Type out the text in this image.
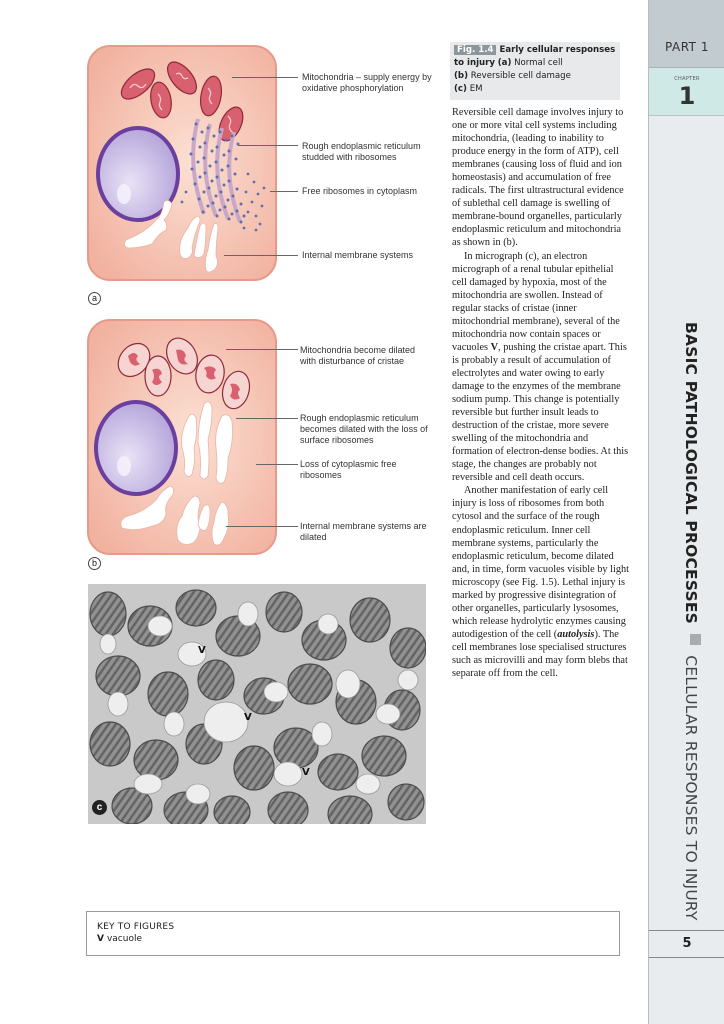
PART 1
CHAPTER
1
BASIC PATHOLOGICAL PROCESSES  CELLULAR RESPONSES TO INJURY
5
a
Mitochondria – supply energy by oxidative phosphorylation
Rough endoplasmic reticulum studded with ribosomes
Free ribosomes in cytoplasm
Internal membrane systems
b
Mitochondria become dilated with disturbance of cristae
Rough endoplasmic reticulum becomes dilated with the loss of surface ribosomes
Loss of cytoplasmic free ribosomes
Internal membrane systems are dilated
V
V
V
c
Fig. 1.4 Early cellular responses to injury (a) Normal cell
(b) Reversible cell damage
(c) EM

Reversible cell damage involves injury to one or more vital cell systems including mitochondria, (leading to inability to produce energy in the form of ATP), cell membranes (causing loss of fluid and ion homeostasis) and accumulation of free radicals. The first ultrastructural evidence of sublethal cell damage is swelling of membrane-bound organelles, particularly endoplasmic reticulum and mitochondria as shown in (b).

In micrograph (c), an electron micrograph of a renal tubular epithelial cell damaged by hypoxia, most of the mitochondria are swollen. Instead of regular stacks of cristae (inner mitochondrial membrane), several of the mitochondria now contain spaces or vacuoles V, pushing the cristae apart. This is probably a result of accumulation of electrolytes and water owing to early damage to the enzymes of the membrane sodium pump. This change is potentially reversible but further insult leads to destruction of the cristae, more severe swelling of the mitochondria and formation of electron-dense bodies. At this stage, the changes are probably not reversible and cell death occurs.

Another manifestation of early cell injury is loss of ribosomes from both cytosol and the surface of the rough endoplasmic reticulum. Inner cell membrane systems, particularly the endoplasmic reticulum, become dilated and, in time, form vacuoles visible by light microscopy (see Fig. 1.5). Lethal injury is marked by progressive disintegration of other organelles, particularly lysosomes, which release hydrolytic enzymes causing autodigestion of the cell (autolysis). The cell membranes lose specialised structures such as microvilli and may form blebs that separate off from the cell.

KEY TO FIGURES
V vacuole
